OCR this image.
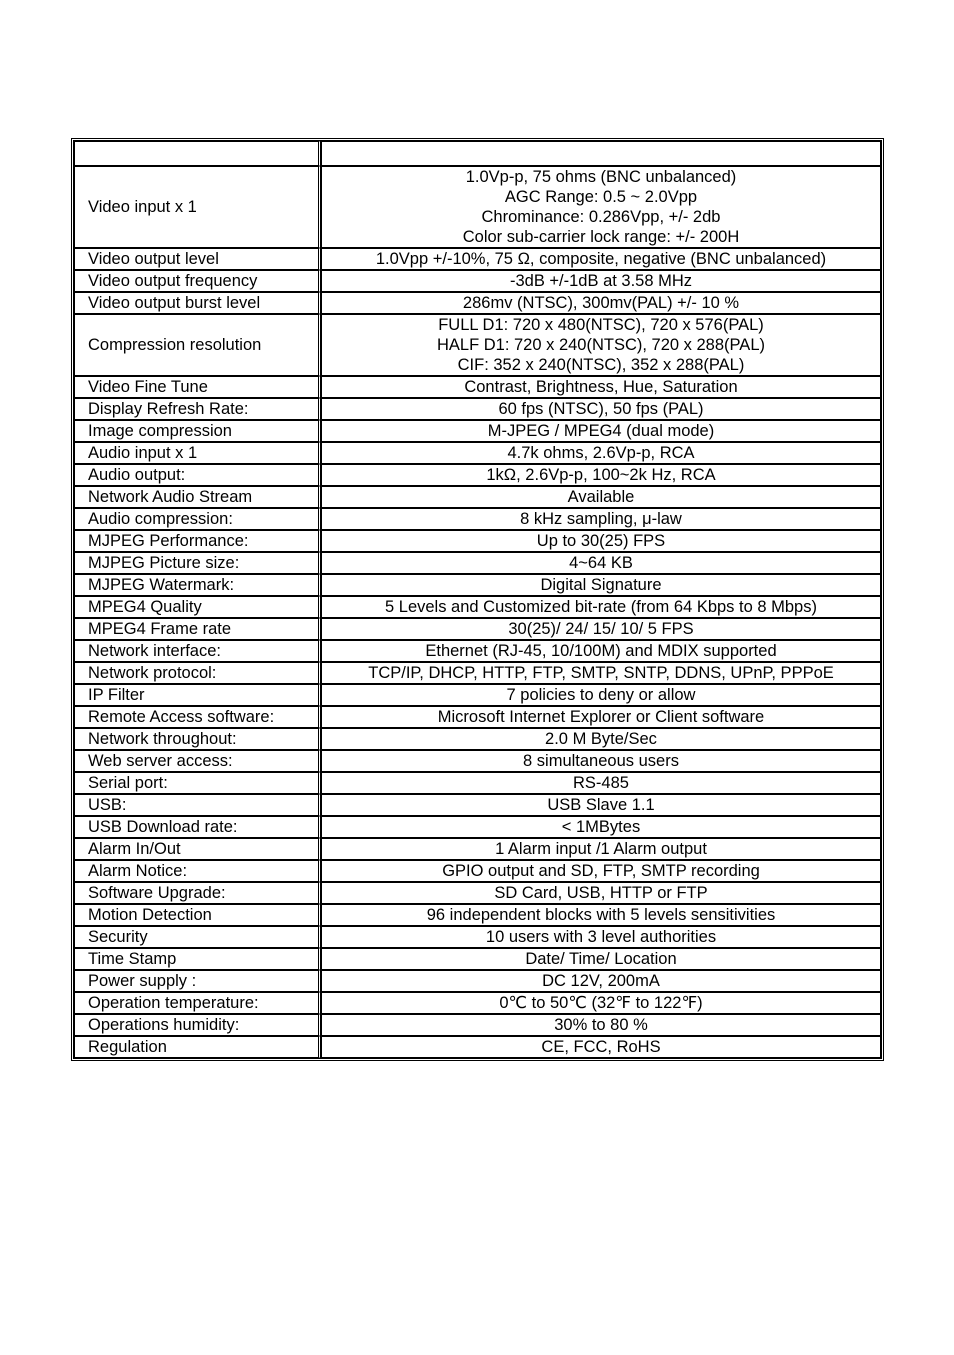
Video input x 1	1.0Vp-p, 75 ohms (BNC unbalanced)
AGC Range: 0.5 ~ 2.0Vpp
Chrominance: 0.286Vpp, +/- 2db
Color sub-carrier lock range: +/- 200H

Video output level	1.0Vpp +/-10%, 75 Ω, composite, negative (BNC unbalanced)

Video output frequency	-3dB +/-1dB at 3.58 MHz

Video output burst level	286mv (NTSC), 300mv(PAL) +/- 10 %

Compression resolution	FULL D1: 720 x 480(NTSC), 720 x 576(PAL)
HALF D1: 720 x 240(NTSC), 720 x 288(PAL)
CIF: 352 x 240(NTSC), 352 x 288(PAL)

Video Fine Tune	Contrast, Brightness, Hue, Saturation

Display Refresh Rate:	60 fps (NTSC), 50 fps (PAL)

Image compression	M-JPEG / MPEG4 (dual mode)

Audio input x 1	4.7k ohms, 2.6Vp-p, RCA

Audio output:	1kΩ, 2.6Vp-p, 100~2k Hz, RCA

Network Audio Stream	Available

Audio compression:	8 kHz sampling, μ-law

MJPEG Performance:	Up to 30(25) FPS

MJPEG Picture size:	4~64 KB

MJPEG Watermark:	Digital Signature

MPEG4 Quality	5 Levels and Customized bit-rate (from 64 Kbps to 8 Mbps)

MPEG4 Frame rate	30(25)/ 24/ 15/ 10/ 5 FPS

Network interface:	Ethernet (RJ-45, 10/100M) and MDIX supported

Network protocol:	TCP/IP, DHCP, HTTP, FTP, SMTP, SNTP, DDNS, UPnP, PPPoE

IP Filter	7 policies to deny or allow

Remote Access software:	Microsoft Internet Explorer or Client software

Network throughout:	2.0 M Byte/Sec

Web server access:	8 simultaneous users

Serial port:	RS-485

USB:	USB Slave 1.1

USB Download rate:	< 1MBytes

Alarm In/Out	1 Alarm input /1 Alarm output

Alarm Notice:	GPIO output and SD, FTP, SMTP recording

Software Upgrade:	SD Card, USB, HTTP or FTP

Motion Detection	96 independent blocks with 5 levels sensitivities

Security	10 users with 3 level authorities

Time Stamp	Date/ Time/ Location

Power supply :	DC 12V, 200mA

Operation temperature:	0℃ to 50℃ (32℉ to 122℉)

Operations humidity:	30% to 80 %

Regulation	CE, FCC, RoHS
